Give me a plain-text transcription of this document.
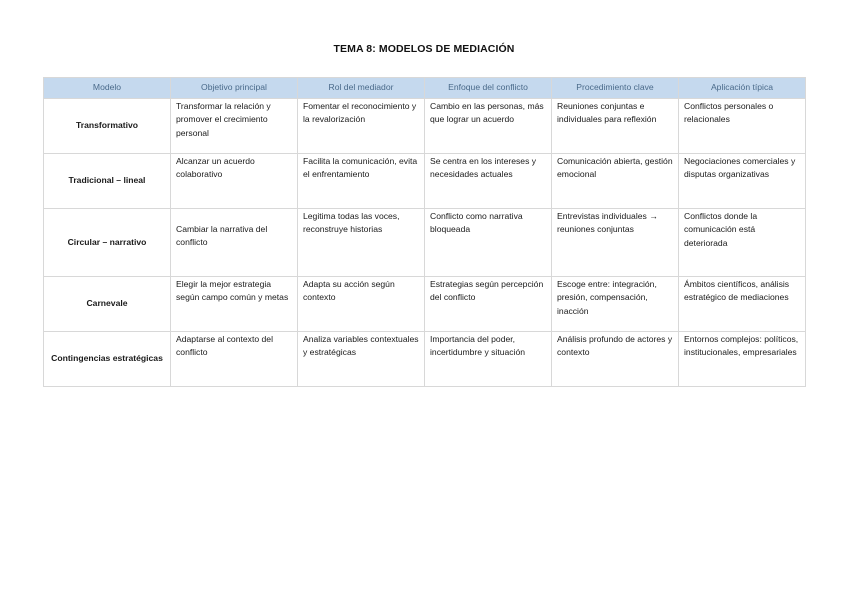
TEMA 8: MODELOS DE MEDIACIÓN
Modelo	Objetivo principal	Rol del mediador	Enfoque del conflicto	Procedimiento clave	Aplicación típica
Transformativo	Transformar la relación y promover el crecimiento personal	Fomentar el reconocimiento y la revalorización	Cambio en las personas, más que lograr un acuerdo	Reuniones conjuntas e individuales para reflexión	Conflictos personales o relacionales
Tradicional – lineal	Alcanzar un acuerdo colaborativo	Facilita la comunicación, evita el enfrentamiento	Se centra en los intereses y necesidades actuales	Comunicación abierta, gestión emocional	Negociaciones comerciales y disputas organizativas
Circular – narrativo	Cambiar la narrativa del conflicto	Legitima todas las voces, reconstruye historias	Conflicto como narrativa bloqueada	Entrevistas individuales → reuniones conjuntas	Conflictos donde la comunicación está deteriorada
Carnevale	Elegir la mejor estrategia según campo común y metas	Adapta su acción según contexto	Estrategias según percepción del conflicto	Escoge entre: integración, presión, compensación, inacción	Ámbitos científicos, análisis estratégico de mediaciones
Contingencias estratégicas	Adaptarse al contexto del conflicto	Analiza variables contextuales y estratégicas	Importancia del poder, incertidumbre y situación	Análisis profundo de actores y contexto	Entornos complejos: políticos, institucionales, empresariales
